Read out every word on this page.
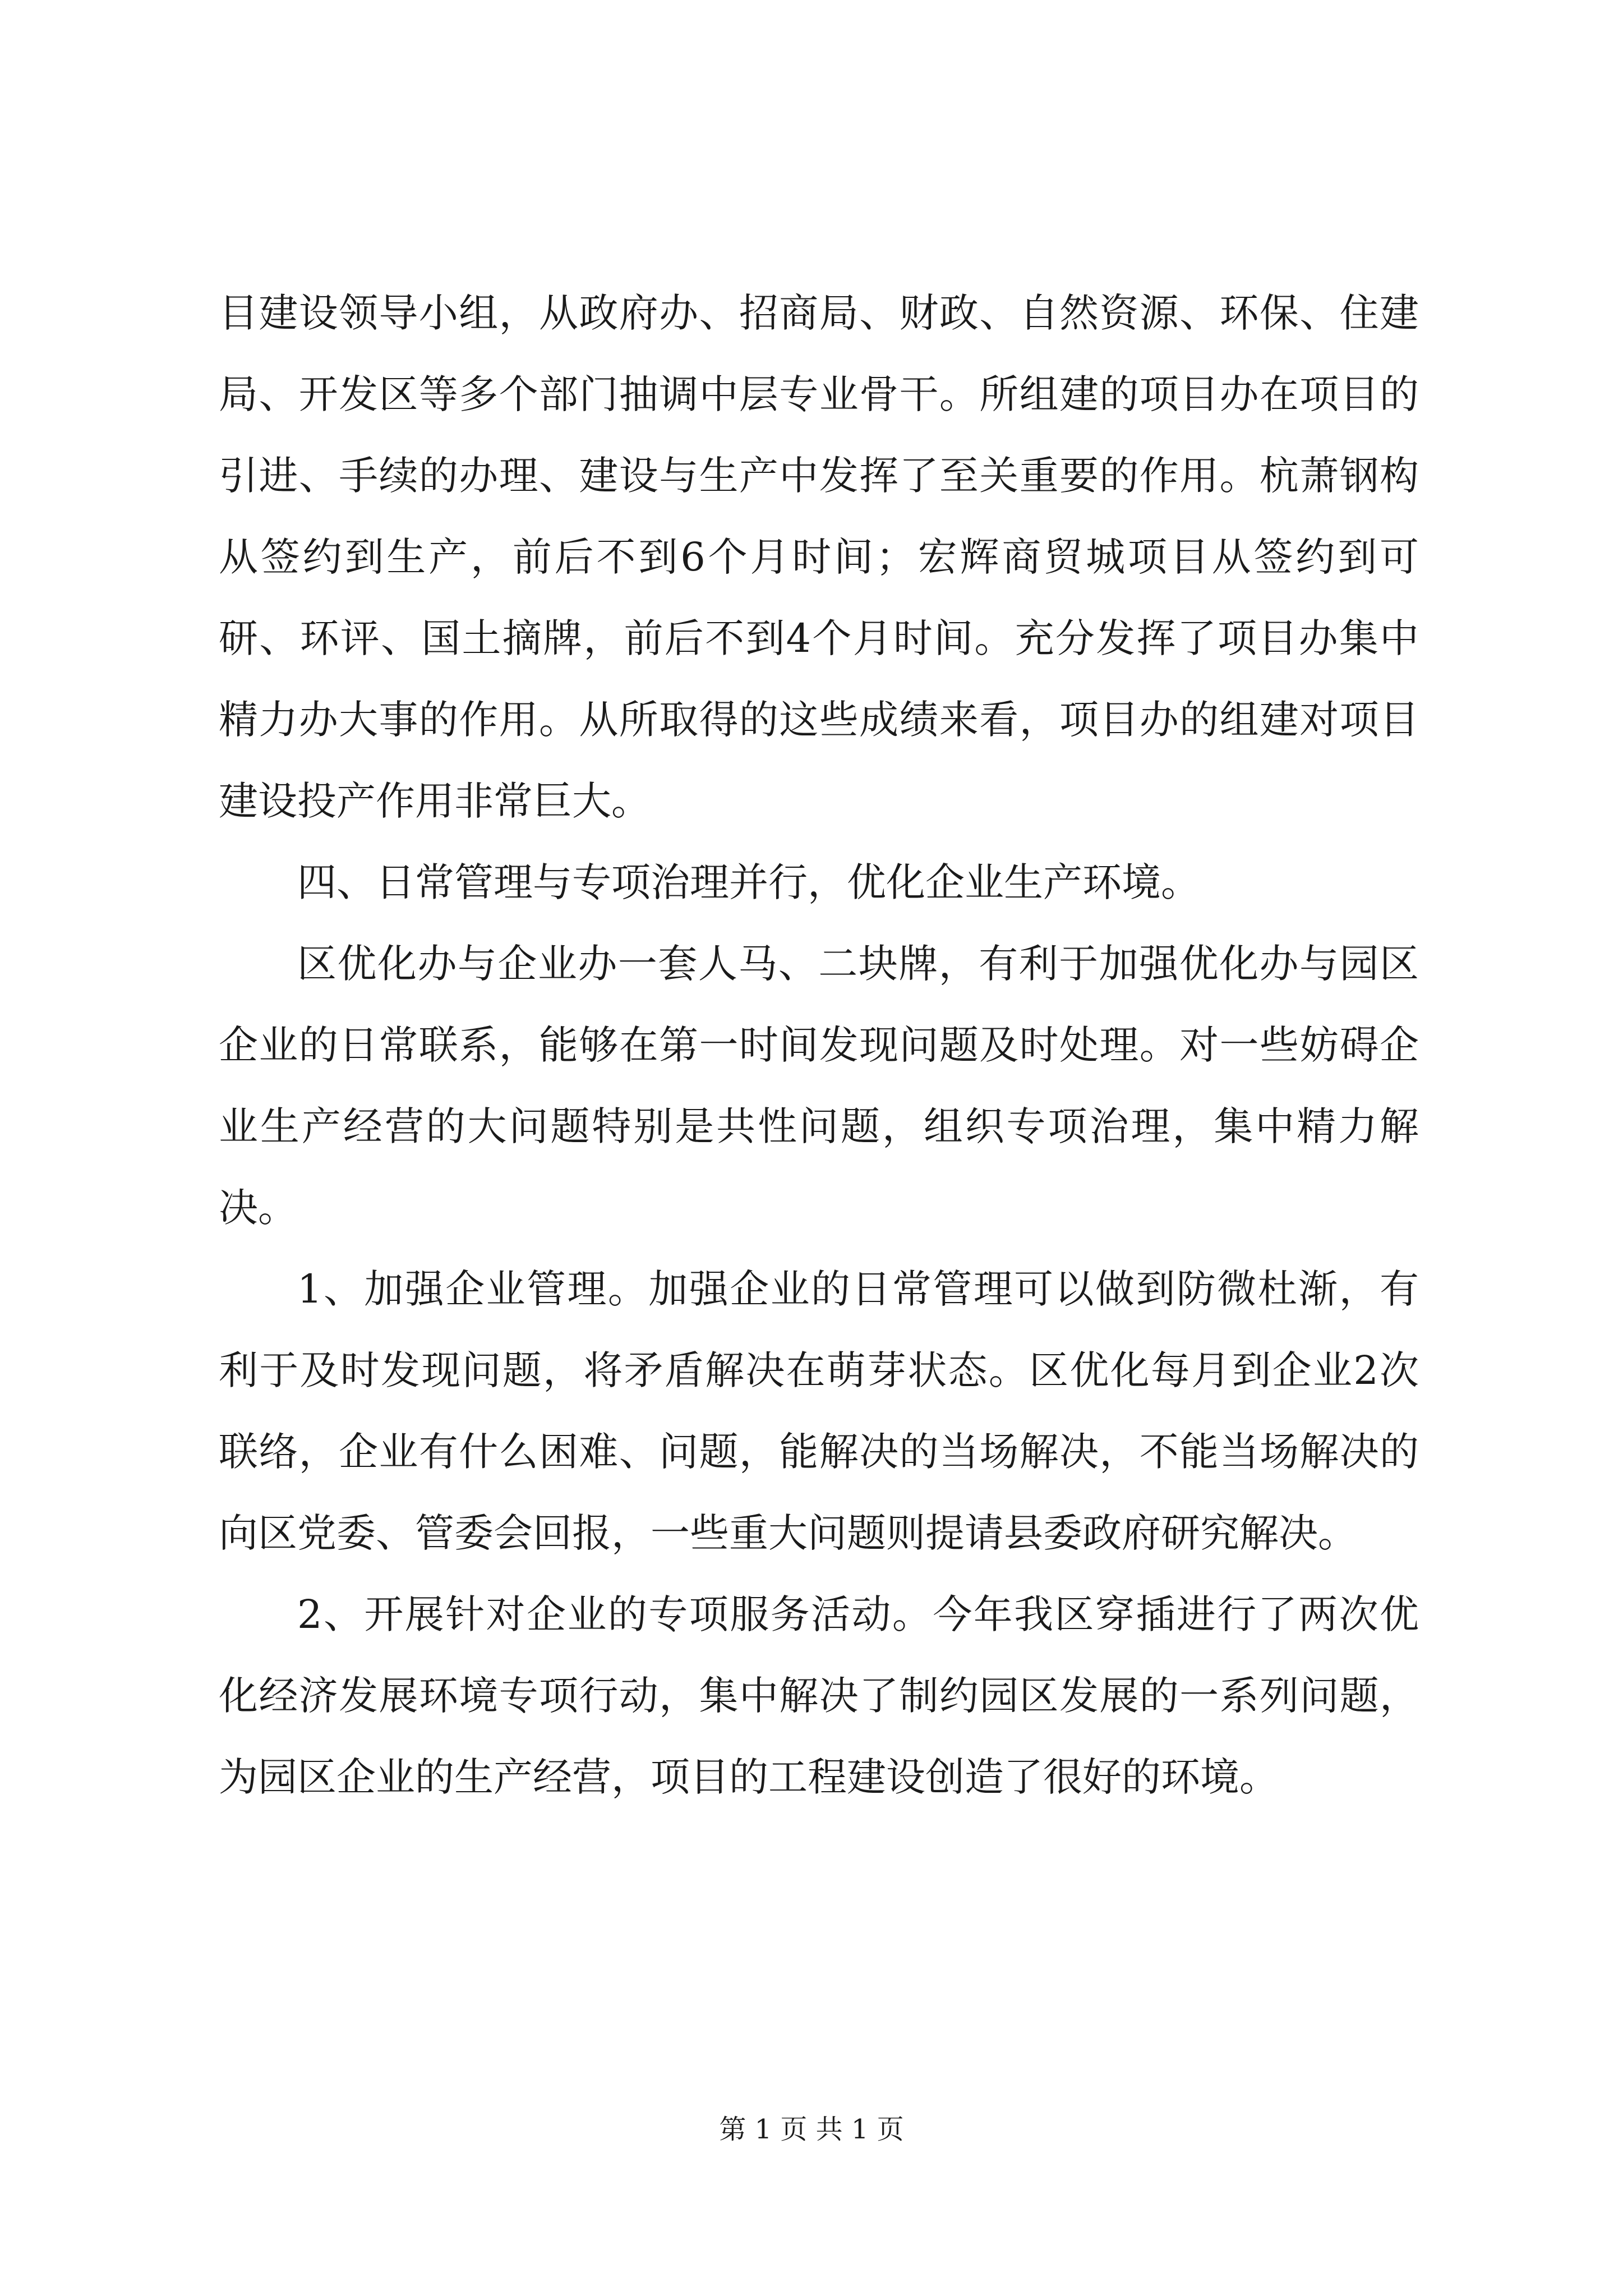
目建设领导小组，从政府办、招商局、财政、自然资源、环保、住建局、开发区等多个部门抽调中层专业骨干。所组建的项目办在项目的引进、手续的办理、建设与生产中发挥了至关重要的作用。杭萧钢构从签约到生产，前后不到6个月时间；宏辉商贸城项目从签约到可研、环评、国土摘牌，前后不到4个月时间。充分发挥了项目办集中精力办大事的作用。从所取得的这些成绩来看，项目办的组建对项目建设投产作用非常巨大。

四、日常管理与专项治理并行，优化企业生产环境。

区优化办与企业办一套人马、二块牌，有利于加强优化办与园区企业的日常联系，能够在第一时间发现问题及时处理。对一些妨碍企业生产经营的大问题特别是共性问题，组织专项治理，集中精力解决。

1、加强企业管理。加强企业的日常管理可以做到防微杜渐，有利于及时发现问题，将矛盾解决在萌芽状态。区优化每月到企业2次联络，企业有什么困难、问题，能解决的当场解决，不能当场解决的向区党委、管委会回报，一些重大问题则提请县委政府研究解决。

2、开展针对企业的专项服务活动。今年我区穿插进行了两次优化经济发展环境专项行动，集中解决了制约园区发展的一系列问题，为园区企业的生产经营，项目的工程建设创造了很好的环境。

第 1 页 共 1 页
